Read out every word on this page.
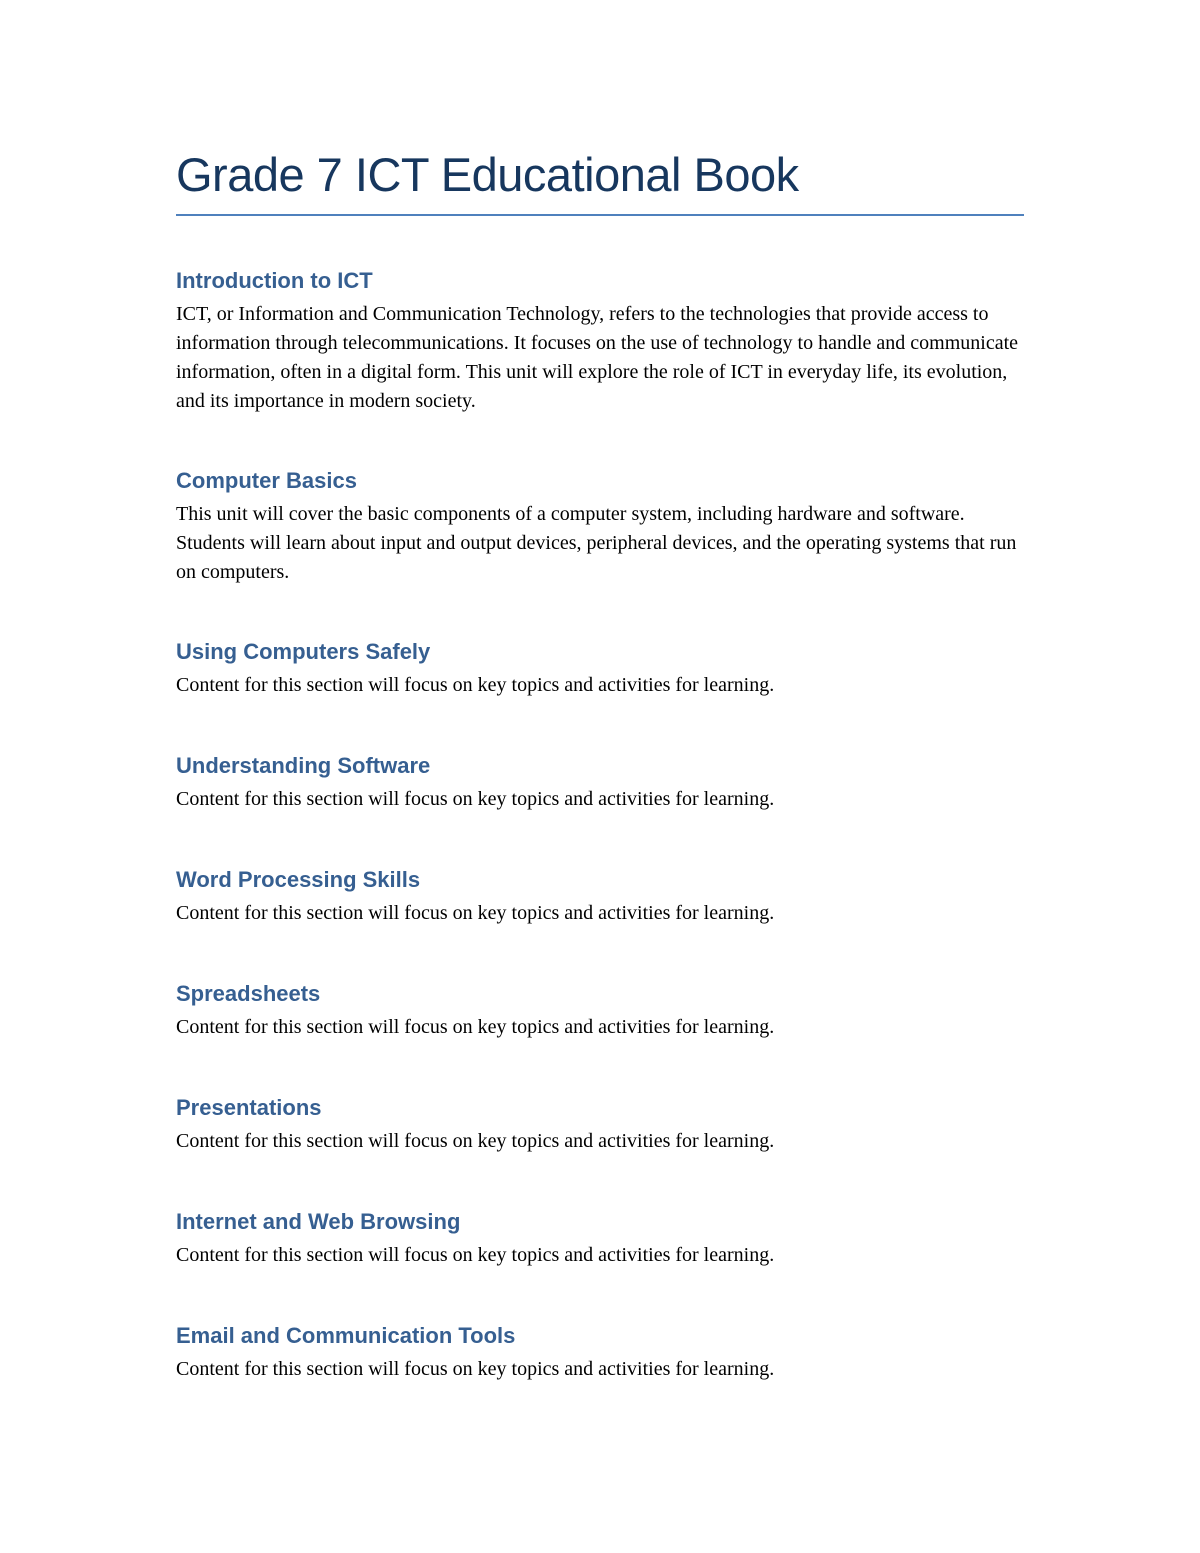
Grade 7 ICT Educational Book
Introduction to ICT

ICT, or Information and Communication Technology, refers to the technologies that provide access to information through telecommunications. It focuses on the use of technology to handle and communicate information, often in a digital form. This unit will explore the role of ICT in everyday life, its evolution, and its importance in modern society.

Computer Basics

This unit will cover the basic components of a computer system, including hardware and software. Students will learn about input and output devices, peripheral devices, and the operating systems that run on computers.

Using Computers Safely

Content for this section will focus on key topics and activities for learning.

Understanding Software

Content for this section will focus on key topics and activities for learning.

Word Processing Skills

Content for this section will focus on key topics and activities for learning.

Spreadsheets

Content for this section will focus on key topics and activities for learning.

Presentations

Content for this section will focus on key topics and activities for learning.

Internet and Web Browsing

Content for this section will focus on key topics and activities for learning.

Email and Communication Tools

Content for this section will focus on key topics and activities for learning.
